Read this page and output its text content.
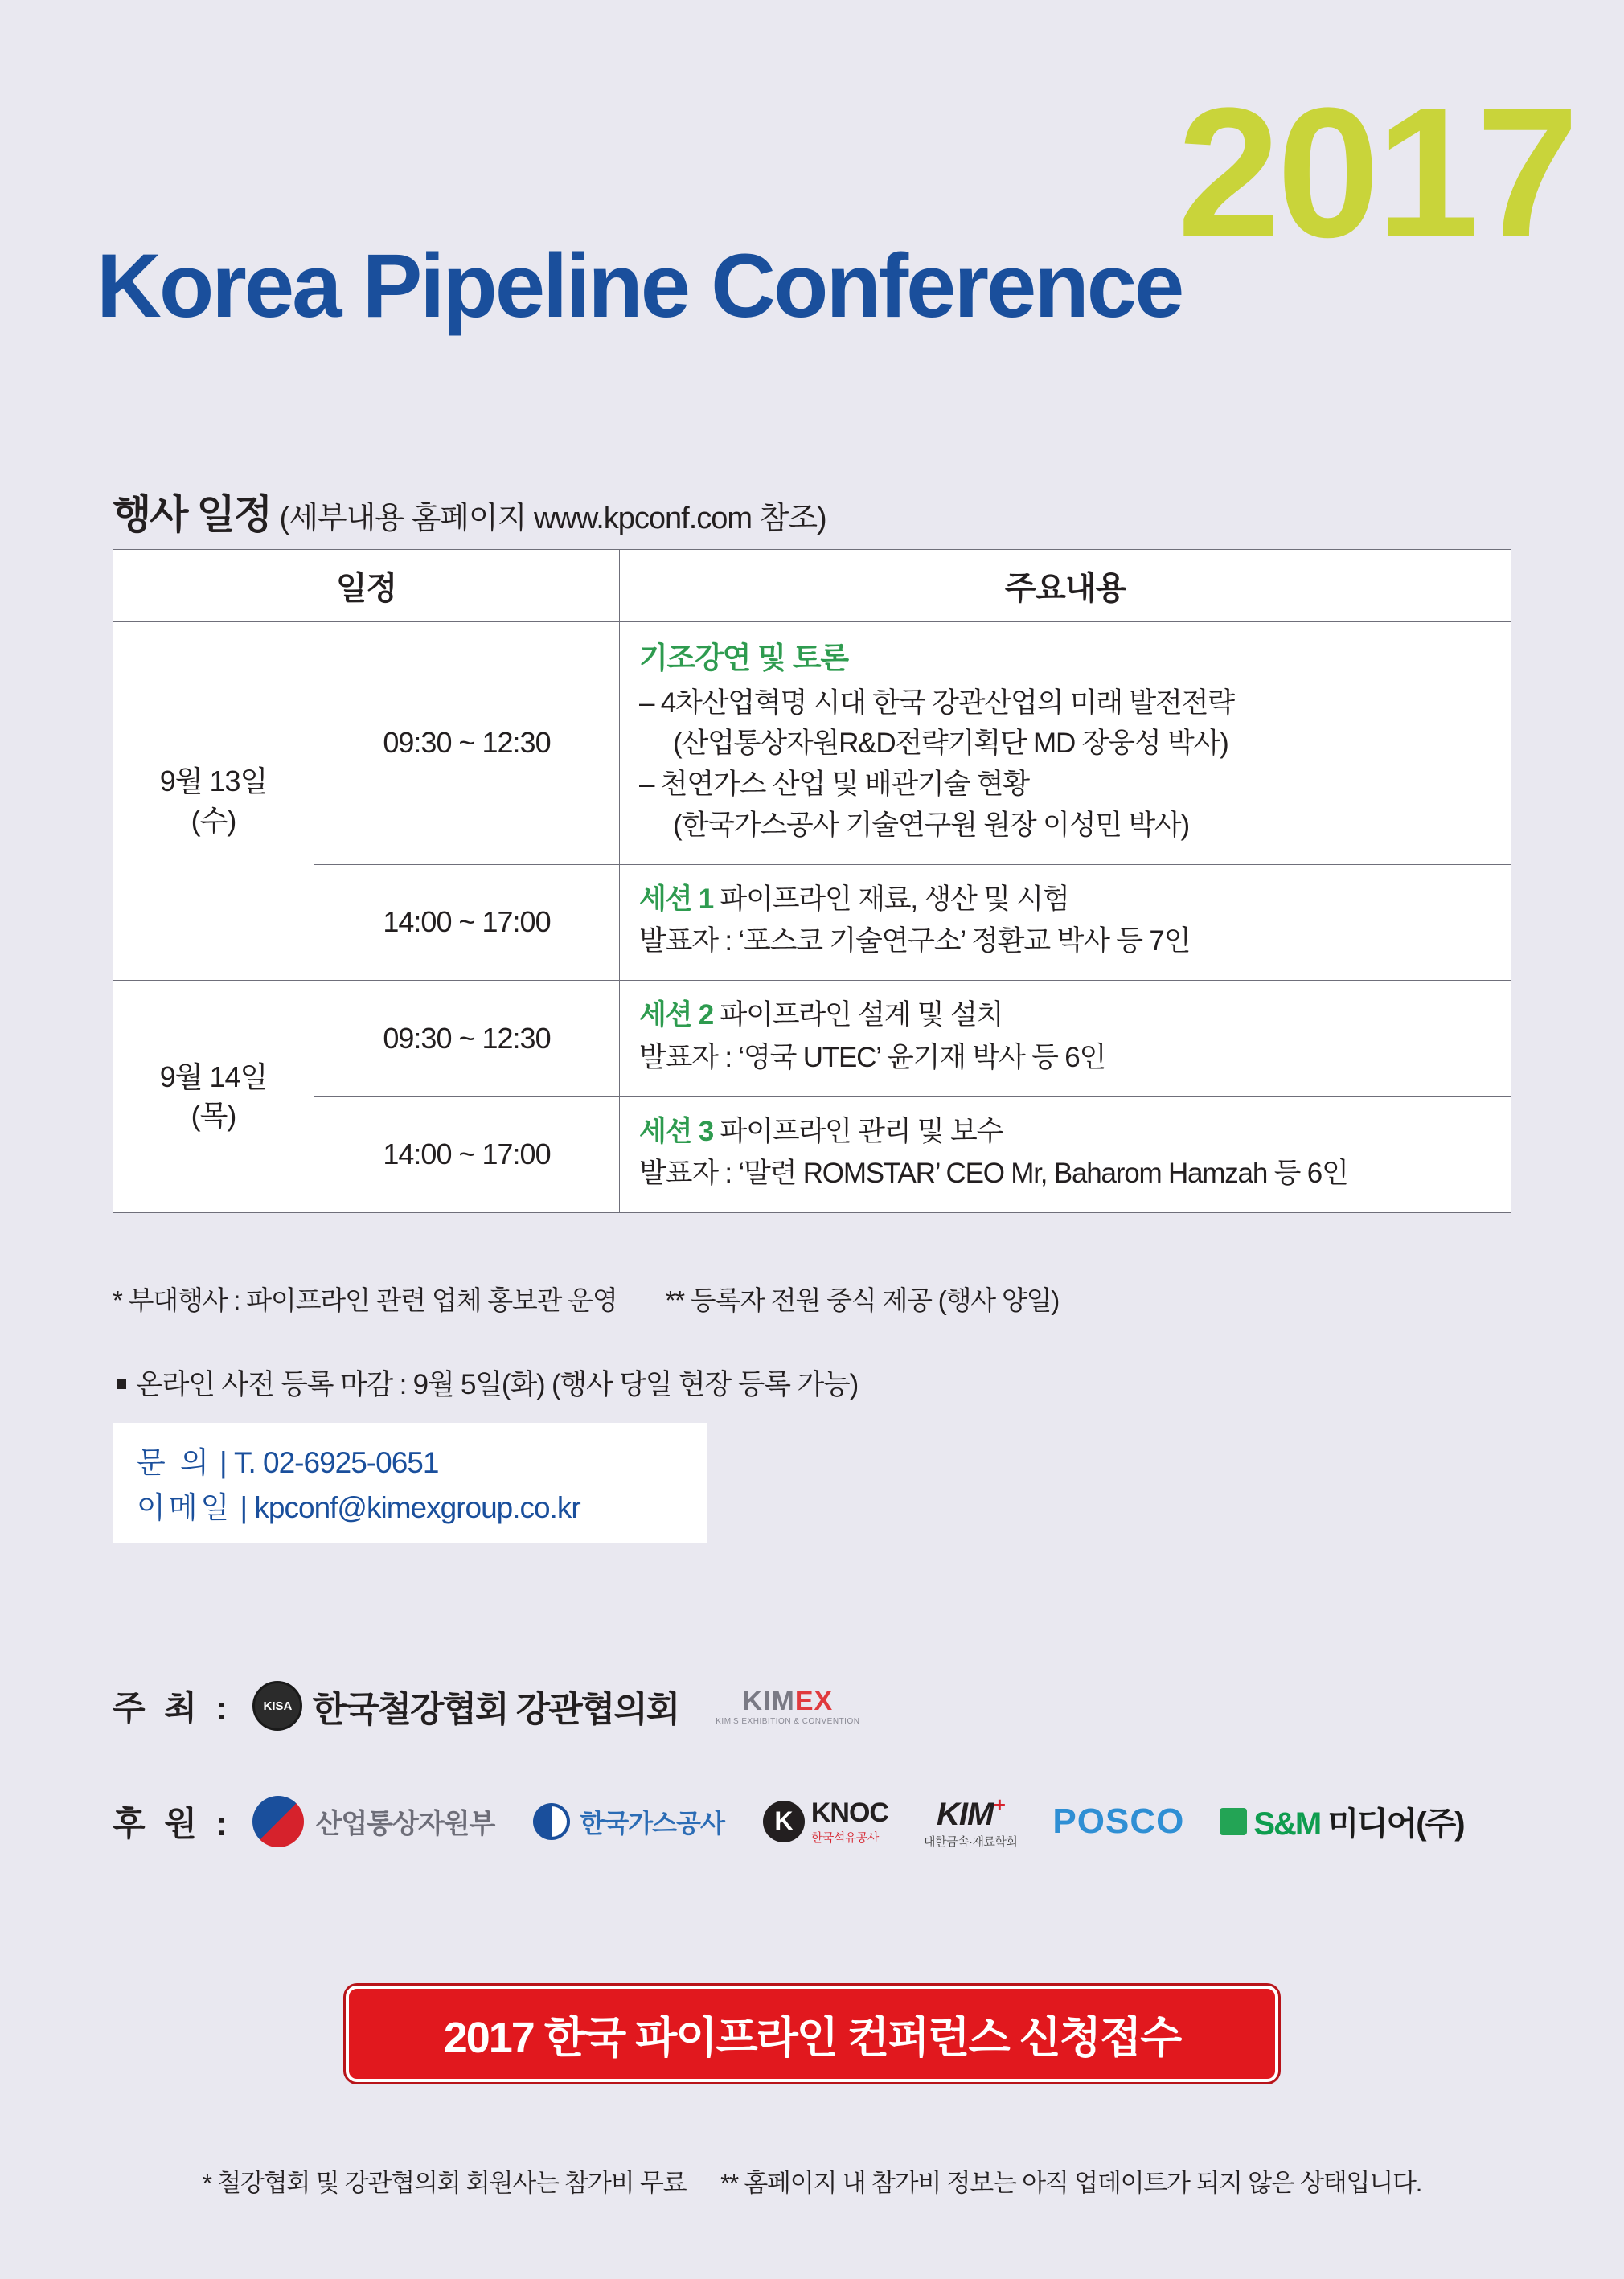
2017
Korea Pipeline Conference
행사 일정 (세부내용 홈페이지 www.kpconf.com 참조)
일정		주요내용
9월 13일
(수)	09:30 ~ 12:30	기조강연 및 토론
– 4차산업혁명 시대 한국 강관산업의 미래 발전전략
(산업통상자원R&D전략기획단 MD 장웅성 박사)
– 천연가스 산업 및 배관기술 현황
(한국가스공사 기술연구원 원장 이성민 박사)

	14:00 ~ 17:00	세션 1 파이프라인 재료, 생산 및 시험
발표자 : ‘포스코 기술연구소’ 정환교 박사 등 7인

9월 14일
(목)	09:30 ~ 12:30	세션 2 파이프라인 설계 및 설치
발표자 : ‘영국 UTEC’ 윤기재 박사 등 6인

	14:00 ~ 17:00	세션 3 파이프라인 관리 및 보수
발표자 : ‘말련 ROMSTAR’ CEO Mr, Baharom Hamzah 등 6인
* 부대행사 : 파이프라인 관련 업체 홍보관 운영 ** 등록자 전원 중식 제공 (행사 양일)
온라인 사전 등록 마감 : 9월 5일(화) (행사 당일 현장 등록 가능)
문 의 | T. 02-6925-0651
이메일 | kpconf@kimexgroup.co.kr
주 최 :	KISA 한국철강협회 강관협의회 KIMEX
KIM'S EXHIBITION & CONVENTION
후 원 :	산업통상자원부	한국가스공사	K KNOC
한국석유공사
KIM+
대한금속·재료학회
POSCO S&M 미디어(주)
2017 한국 파이프라인 컨퍼런스 신청접수
* 철강협회 및 강관협의회 회원사는 참가비 무료 ** 홈페이지 내 참가비 정보는 아직 업데이트가 되지 않은 상태입니다.
